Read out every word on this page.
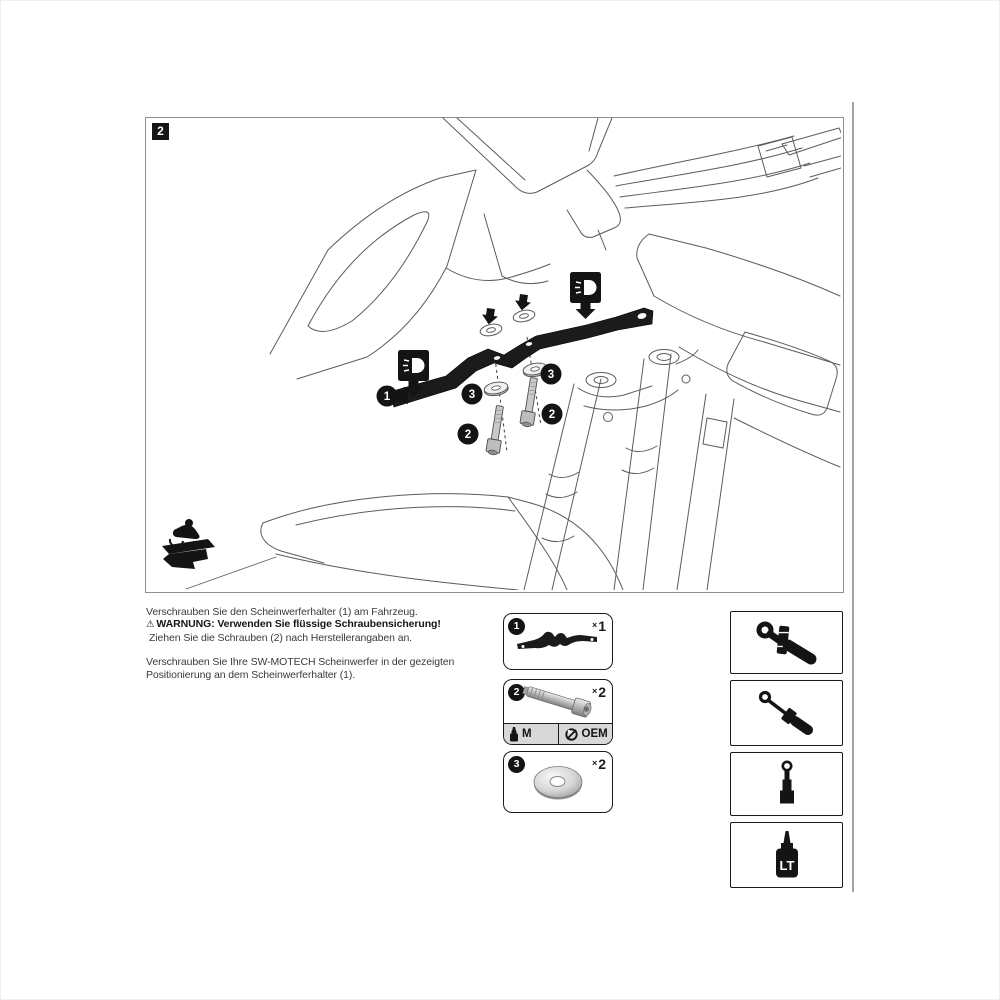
2
1	3
3
2
2
Verschrauben Sie den Scheinwerferhalter (1) am Fahrzeug.
⚠ WARNUNG: Verwenden Sie flüssige Schraubensicherung!
Ziehen Sie die Schrauben (2) nach Herstellerangaben an.
Verschrauben Sie Ihre SW-MOTECH Scheinwerfer in der gezeigten
Positionierung an dem Scheinwerferhalter (1).
1	×1
2	×2
M	OEM
3	×2
LT
